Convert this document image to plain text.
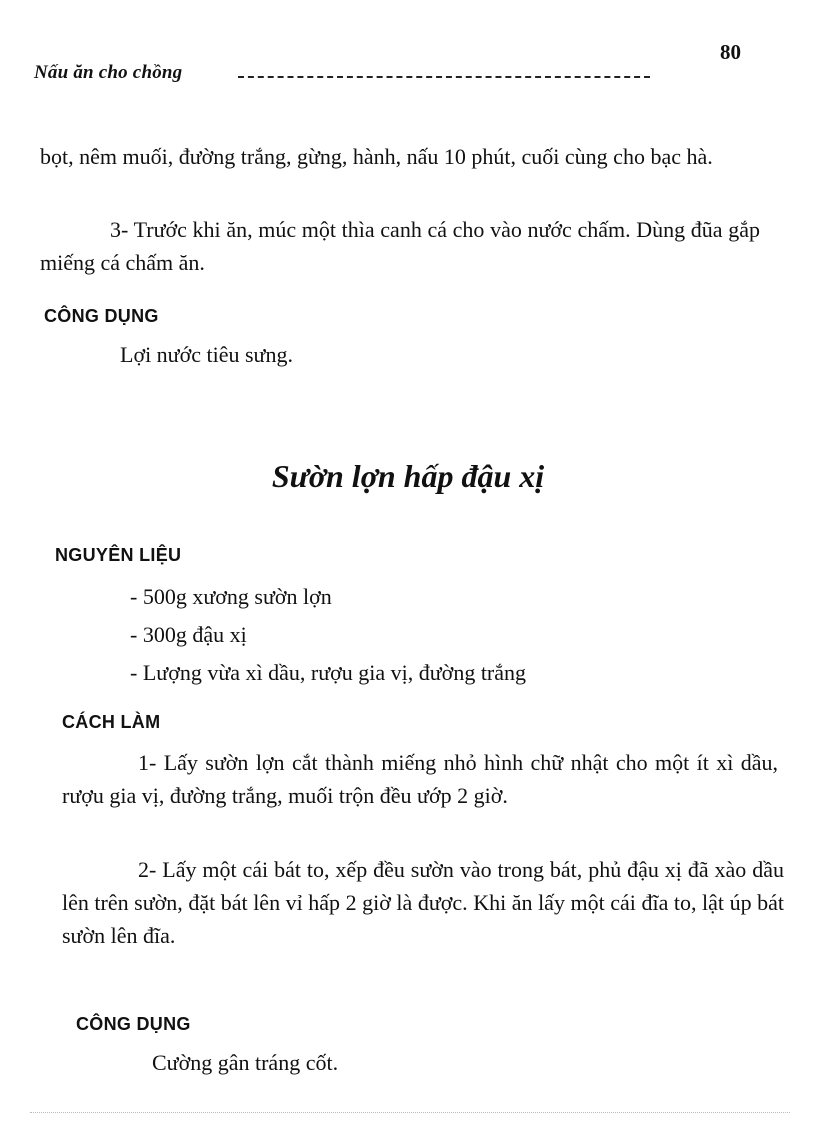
Nấu ăn cho chồng
80

bọt, nêm muối, đường trắng, gừng, hành, nấu 10 phút, cuối cùng cho bạc hà.

3- Trước khi ăn, múc một thìa canh cá cho vào nước chấm. Dùng đũa gắp miếng cá chấm ăn.

CÔNG DỤNG

Lợi nước tiêu sưng.

Sườn lợn hấp đậu xị
NGUYÊN LIỆU

- 500g xương sườn lợn

- 300g đậu xị

- Lượng vừa xì dầu, rượu gia vị, đường trắng

CÁCH LÀM

1- Lấy sườn lợn cắt thành miếng nhỏ hình chữ nhật cho một ít xì dầu, rượu gia vị, đường trắng, muối trộn đều ướp 2 giờ.

2- Lấy một cái bát to, xếp đều sườn vào trong bát, phủ đậu xị đã xào dầu lên trên sườn, đặt bát lên vỉ hấp 2 giờ là được. Khi ăn lấy một cái đĩa to, lật úp bát sườn lên đĩa.

CÔNG DỤNG

Cường gân tráng cốt.
